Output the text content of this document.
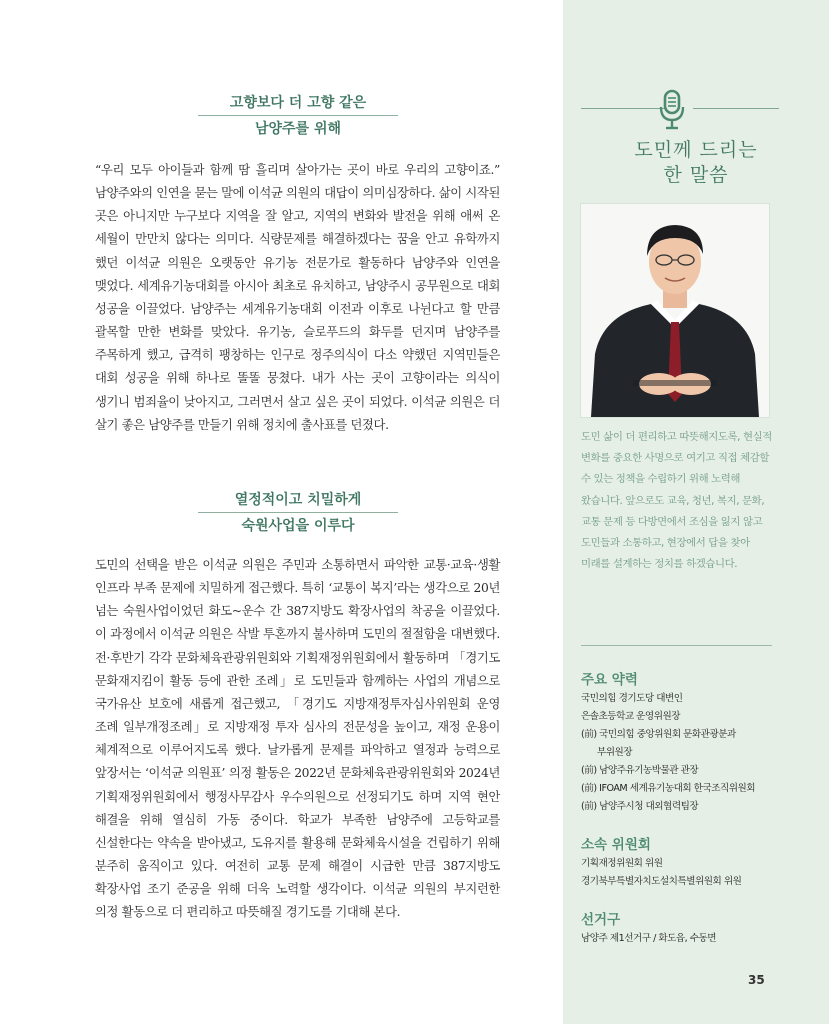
고향보다 더 고향 같은
남양주를 위해

“우리 모두 아이들과 함께 땀 흘리며 살아가는 곳이 바로 우리의 고향이죠.” 남양주와의 인연을 묻는 말에 이석균 의원의 대답이 의미심장하다. 삶이 시작된 곳은 아니지만 누구보다 지역을 잘 알고, 지역의 변화와 발전을 위해 애써 온 세월이 만만치 않다는 의미다. 식량문제를 해결하겠다는 꿈을 안고 유학까지 했던 이석균 의원은 오랫동안 유기농 전문가로 활동하다 남양주와 인연을 맺었다. 세계유기농대회를 아시아 최초로 유치하고, 남양주시 공무원으로 대회 성공을 이끌었다. 남양주는 세계유기농대회 이전과 이후로 나뉜다고 할 만큼 괄목할 만한 변화를 맞았다. 유기농, 슬로푸드의 화두를 던지며 남양주를 주목하게 했고, 급격히 팽창하는 인구로 정주의식이 다소 약했던 지역민들은 대회 성공을 위해 하나로 똘똘 뭉쳤다. 내가 사는 곳이 고향이라는 의식이 생기니 범죄율이 낮아지고, 그러면서 살고 싶은 곳이 되었다. 이석균 의원은 더 살기 좋은 남양주를 만들기 위해 정치에 출사표를 던졌다.

열정적이고 치밀하게
숙원사업을 이루다

도민의 선택을 받은 이석균 의원은 주민과 소통하면서 파악한 교통·교육·생활 인프라 부족 문제에 치밀하게 접근했다. 특히 ‘교통이 복지’라는 생각으로 20년 넘는 숙원사업이었던 화도~운수 간 387지방도 확장사업의 착공을 이끌었다. 이 과정에서 이석균 의원은 삭발 투혼까지 불사하며 도민의 절절함을 대변했다. 전·후반기 각각 문화체육관광위원회와 기획재정위원회에서 활동하며 「경기도 문화재지킴이 활동 등에 관한 조례」로 도민들과 함께하는 사업의 개념으로 국가유산 보호에 새롭게 접근했고, 「경기도 지방재정투자심사위원회 운영 조례 일부개정조례」로 지방재정 투자 심사의 전문성을 높이고, 재정 운용이 체계적으로 이루어지도록 했다. 날카롭게 문제를 파악하고 열정과 능력으로 앞장서는 ‘이석균 의원표’ 의정 활동은 2022년 문화체육관광위원회와 2024년 기획재정위원회에서 행정사무감사 우수의원으로 선정되기도 하며 지역 현안 해결을 위해 열심히 가동 중이다. 학교가 부족한 남양주에 고등학교를 신설한다는 약속을 받아냈고, 도유지를 활용해 문화체육시설을 건립하기 위해 분주히 움직이고 있다. 여전히 교통 문제 해결이 시급한 만큼 387지방도 확장사업 조기 준공을 위해 더욱 노력할 생각이다. 이석균 의원의 부지런한 의정 활동으로 더 편리하고 따뜻해질 경기도를 기대해 본다.

도민께 드리는
한 말씀

도민 삶이 더 편리하고 따뜻해지도록, 현실적 변화를 중요한 사명으로 여기고 직접 체감할 수 있는 정책을 수립하기 위해 노력해 왔습니다. 앞으로도 교육, 청년, 복지, 문화, 교통 문제 등 다방면에서 조심을 잃지 않고 도민들과 소통하고, 현장에서 답을 찾아 미래를 설계하는 정치를 하겠습니다.

주요 약력
국민의힘 경기도당 대변인
은솔초등학교 운영위원장
(前) 국민의힘 중앙위원회 문화관광분과
부위원장
(前) 남양주유기농박물관 관장
(前) IFOAM 세계유기농대회 한국조직위원회
(前) 남양주시청 대외협력팀장
소속 위원회
기획재정위원회 위원
경기북부특별자치도설치특별위원회 위원
선거구
남양주 제1선거구 / 화도읍, 수동면
35
